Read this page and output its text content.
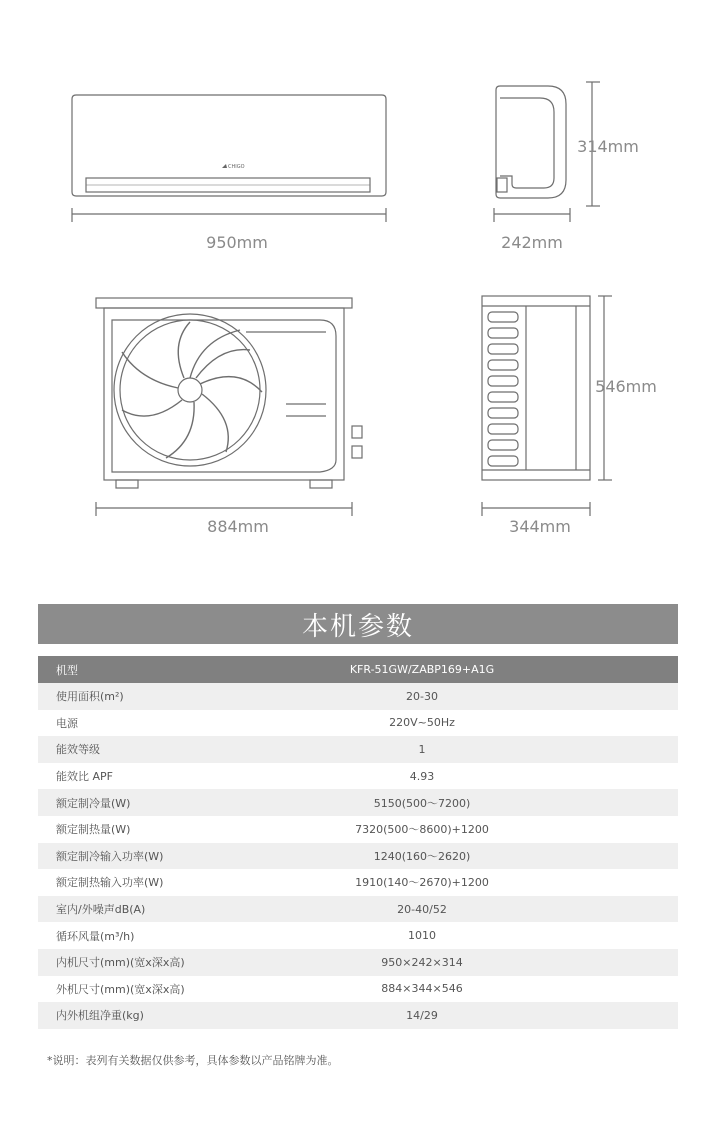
CHIGO
950mm	242mm
314mm
884mm	344mm
546mm
本机参数
机型	KFR-51GW/ZABP169+A1G
使用面积(m²)	20-30
电源	220V~50Hz
能效等级	1
能效比 APF	4.93
额定制冷量(W)	5150(500～7200)
额定制热量(W)	7320(500～8600)+1200
额定制冷输入功率(W)	1240(160～2620)
额定制热输入功率(W)	1910(140～2670)+1200
室内/外噪声dB(A)	20-40/52
循环风量(m³/h)	1010
内机尺寸(mm)(宽x深x高)	950×242×314
外机尺寸(mm)(宽x深x高)	884×344×546
内外机组净重(kg)	14/29
*说明：表列有关数据仅供参考，具体参数以产品铭牌为准。
